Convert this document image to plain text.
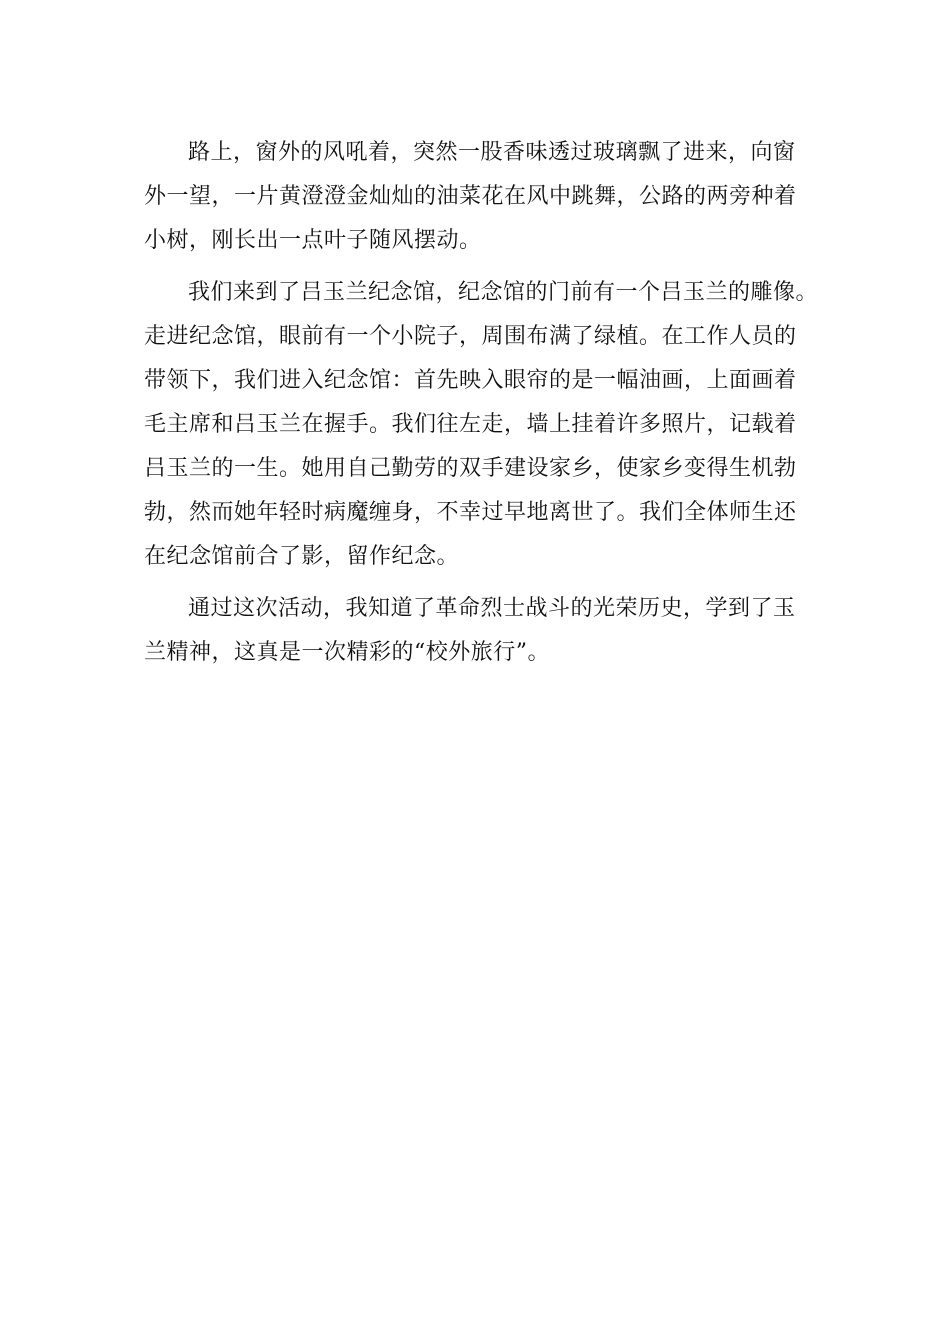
路上，窗外的风吼着，突然一股香味透过玻璃飘了进来，向窗
外一望，一片黄澄澄金灿灿的油菜花在风中跳舞，公路的两旁种着
小树，刚长出一点叶子随风摆动。
我们来到了吕玉兰纪念馆，纪念馆的门前有一个吕玉兰的雕像。
走进纪念馆，眼前有一个小院子，周围布满了绿植。在工作人员的
带领下，我们进入纪念馆：首先映入眼帘的是一幅油画，上面画着
毛主席和吕玉兰在握手。我们往左走，墙上挂着许多照片，记载着
吕玉兰的一生。她用自己勤劳的双手建设家乡，使家乡变得生机勃
勃，然而她年轻时病魔缠身，不幸过早地离世了。我们全体师生还
在纪念馆前合了影，留作纪念。
通过这次活动，我知道了革命烈士战斗的光荣历史，学到了玉
兰精神，这真是一次精彩的“校外旅行”。
